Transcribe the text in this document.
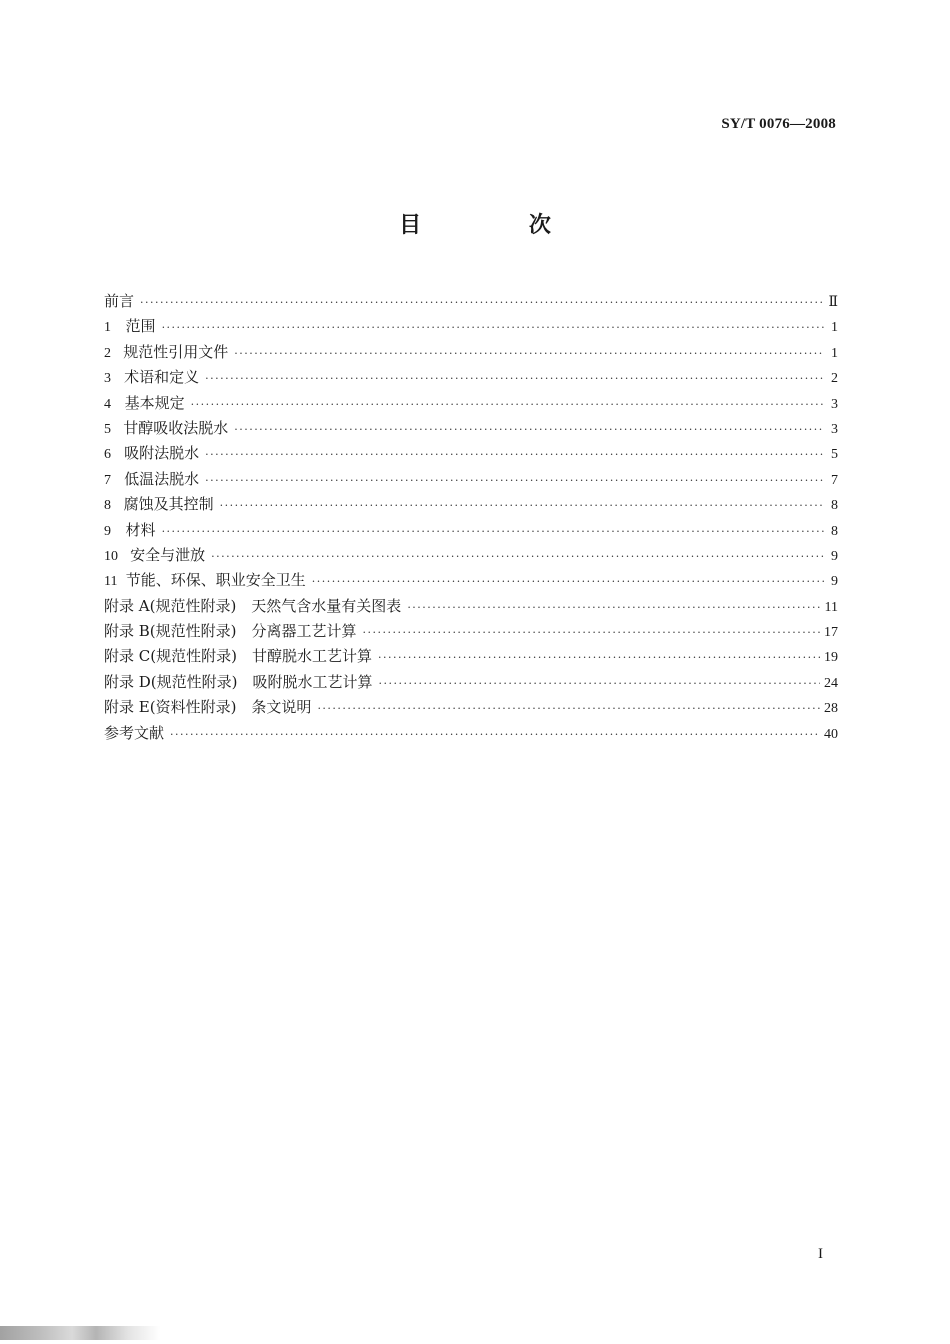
SY/T 0076—2008
目 次
前言 ·····	Ⅱ
1 范围 ·····	1
2 规范性引用文件 ·····	1
3 术语和定义 ·····	2
4 基本规定 ·····	3
5 甘醇吸收法脱水 ·····	3
6 吸附法脱水 ·····	5
7 低温法脱水 ·····	7
8 腐蚀及其控制 ·····	8
9 材料 ·····	8
10 安全与泄放 ·····	9
11 节能、环保、职业安全卫生 ·····	9
附录 A(规范性附录)　天然气含水量有关图表 ·····	11
附录 B(规范性附录)　分离器工艺计算 ·····	17
附录 C(规范性附录)　甘醇脱水工艺计算 ·····	19
附录 D(规范性附录)　吸附脱水工艺计算 ·····	24
附录 E(资料性附录)　条文说明 ·····	28
参考文献 ·····	40
I
